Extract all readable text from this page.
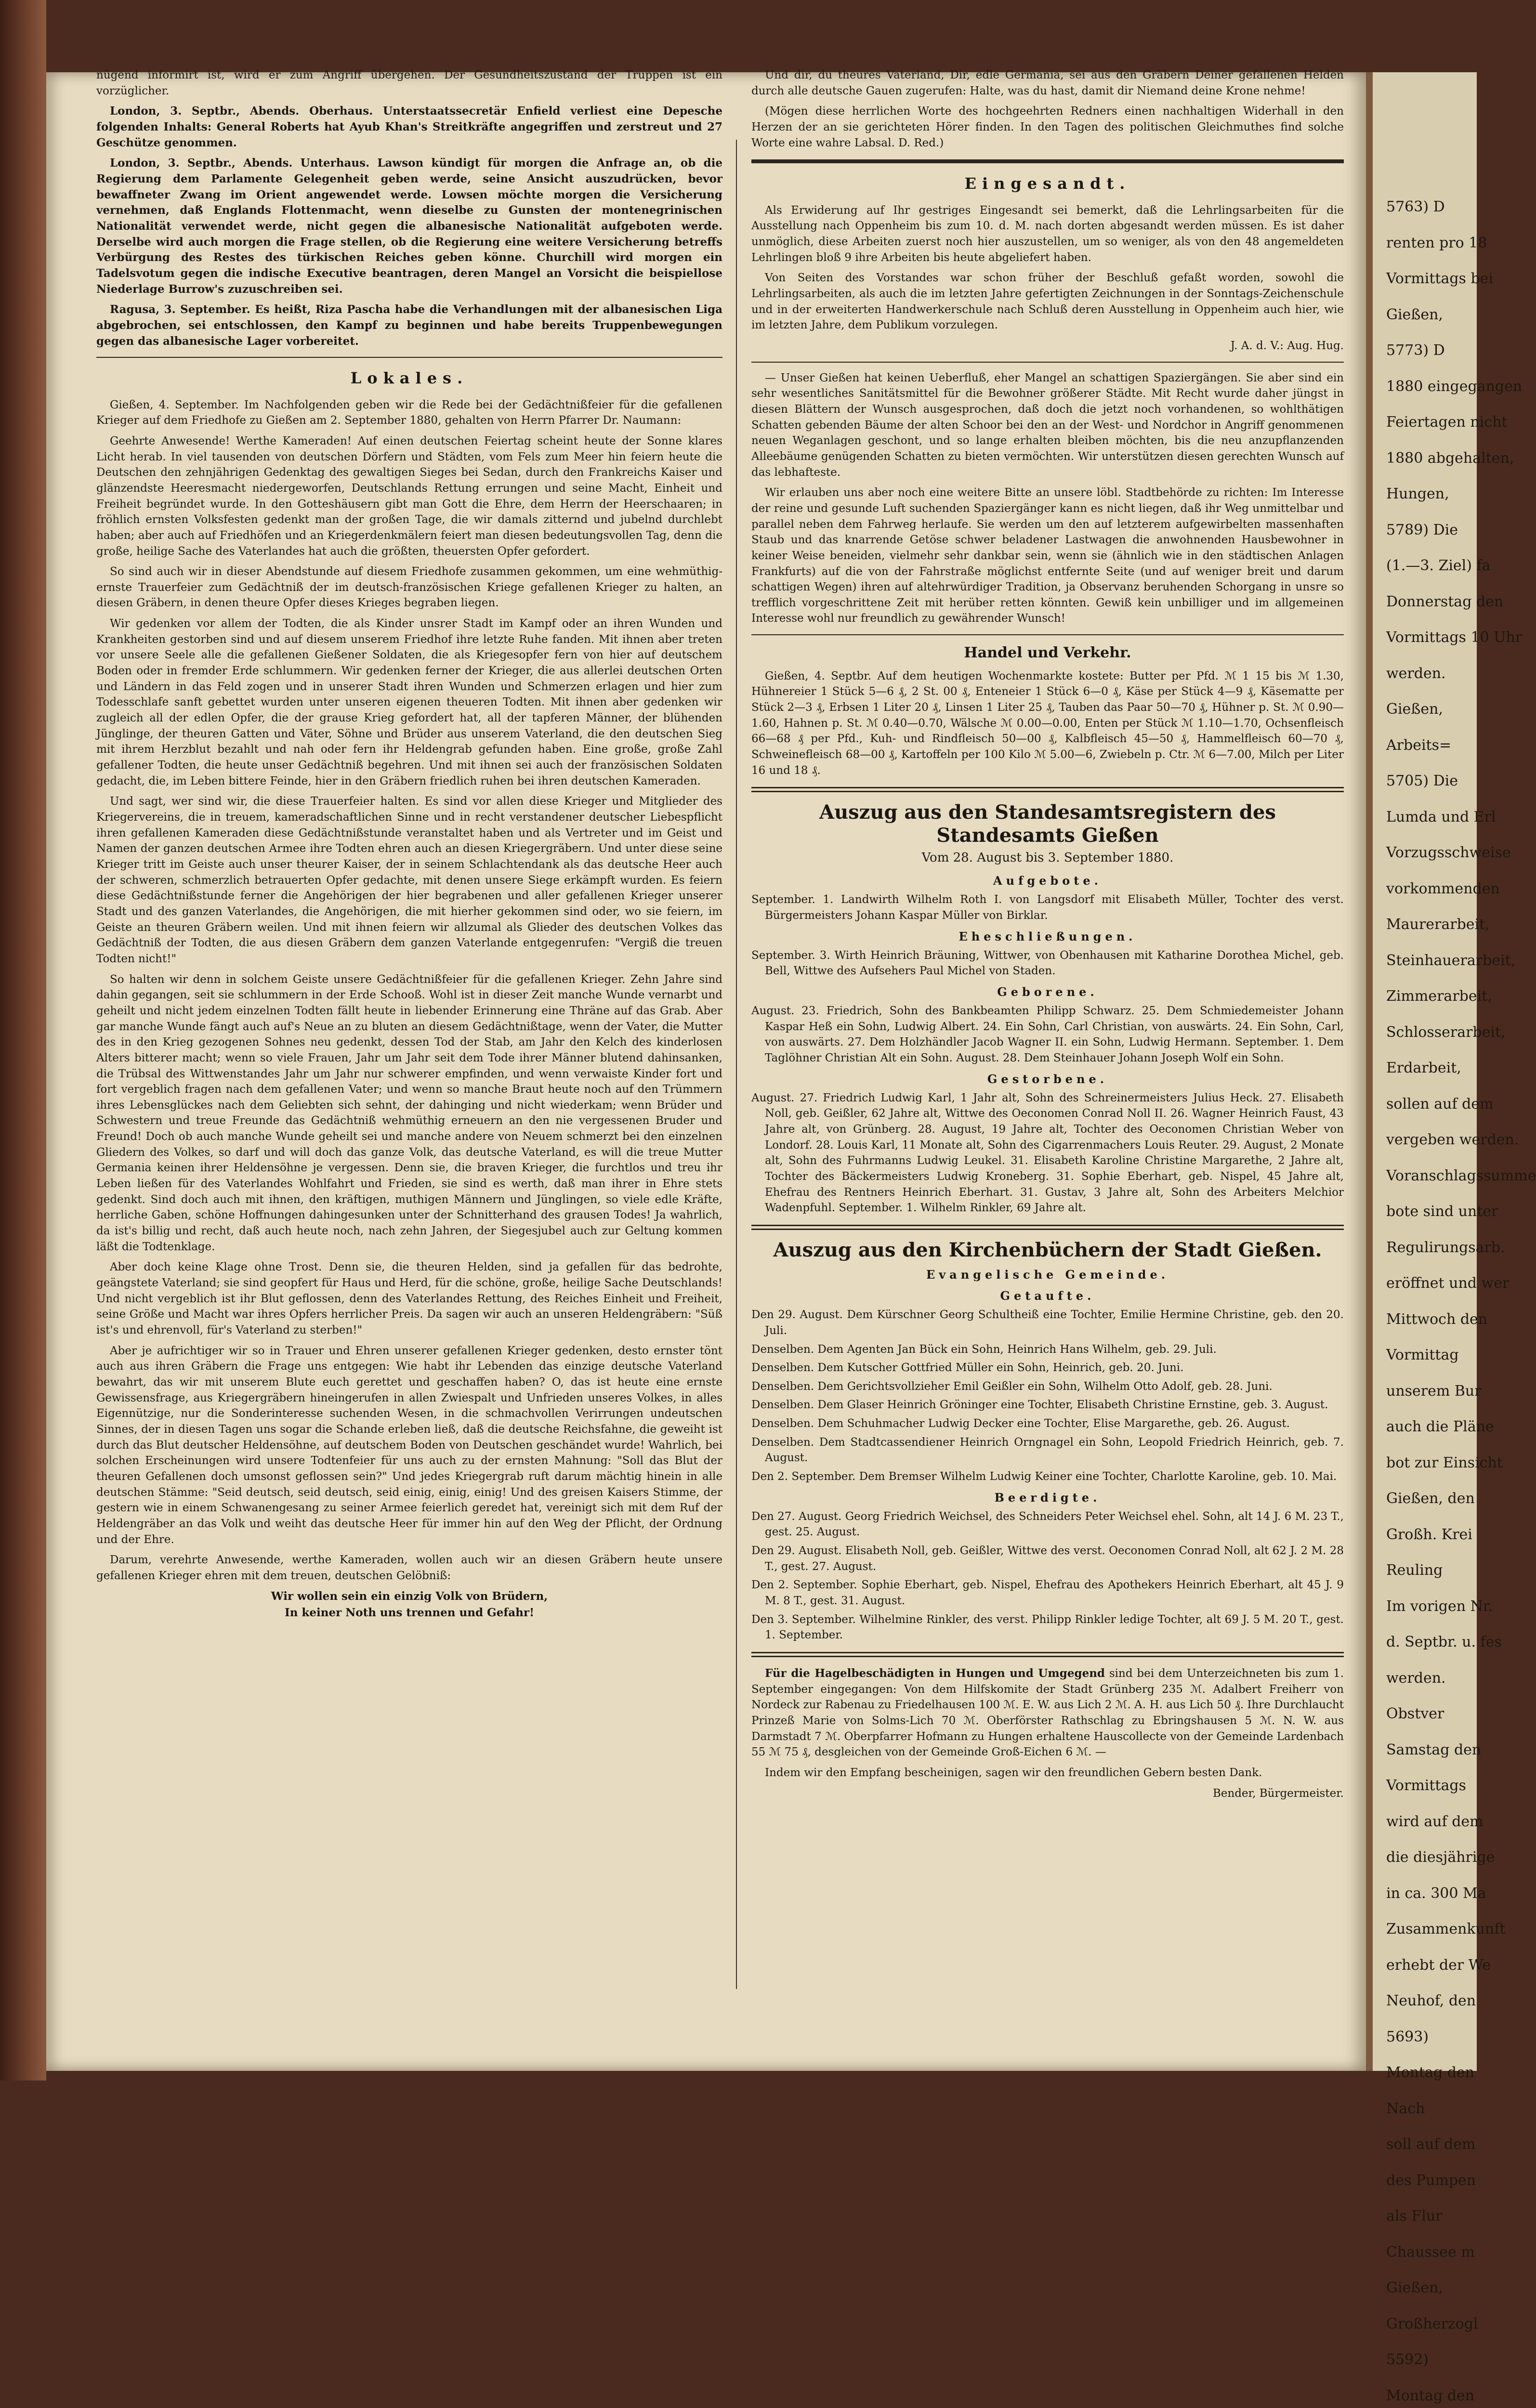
nügend informirt ist, wird er zum Angriff übergehen. Der Gesundheitszustand der Truppen ist ein vorzüglicher.

London, 3. Septbr., Abends. Oberhaus. Unterstaatssecretär Enfield verliest eine Depesche folgenden Inhalts: General Roberts hat Ayub Khan's Streitkräfte angegriffen und zerstreut und 27 Geschütze genommen.

London, 3. Septbr., Abends. Unterhaus. Lawson kündigt für morgen die Anfrage an, ob die Regierung dem Parlamente Gelegenheit geben werde, seine Ansicht auszudrücken, bevor bewaffneter Zwang im Orient angewendet werde. Lowsen möchte morgen die Versicherung vernehmen, daß Englands Flottenmacht, wenn dieselbe zu Gunsten der montenegrinischen Nationalität verwendet werde, nicht gegen die albanesische Nationalität aufgeboten werde. Derselbe wird auch morgen die Frage stellen, ob die Regierung eine weitere Versicherung betreffs Verbürgung des Restes des türkischen Reiches geben könne. Churchill wird morgen ein Tadelsvotum gegen die indische Executive beantragen, deren Mangel an Vorsicht die beispiellose Niederlage Burrow's zuzuschreiben sei.

Ragusa, 3. September. Es heißt, Riza Pascha habe die Verhandlungen mit der albanesischen Liga abgebrochen, sei entschlossen, den Kampf zu beginnen und habe bereits Truppenbewegungen gegen das albanesische Lager vorbereitet.

Lokales.

Gießen, 4. September. Im Nachfolgenden geben wir die Rede bei der Gedächtnißfeier für die gefallenen Krieger auf dem Friedhofe zu Gießen am 2. September 1880, gehalten von Herrn Pfarrer Dr. Naumann:

Geehrte Anwesende! Werthe Kameraden! Auf einen deutschen Feiertag scheint heute der Sonne klares Licht herab. In viel tausenden von deutschen Dörfern und Städten, vom Fels zum Meer hin feiern heute die Deutschen den zehnjährigen Gedenktag des gewaltigen Sieges bei Sedan, durch den Frankreichs Kaiser und glänzendste Heeresmacht niedergeworfen, Deutschlands Rettung errungen und seine Macht, Einheit und Freiheit begründet wurde. In den Gotteshäusern gibt man Gott die Ehre, dem Herrn der Heerschaaren; in fröhlich ernsten Volksfesten gedenkt man der großen Tage, die wir damals zitternd und jubelnd durchlebt haben; aber auch auf Friedhöfen und an Kriegerdenkmälern feiert man diesen bedeutungsvollen Tag, denn die große, heilige Sache des Vaterlandes hat auch die größten, theuersten Opfer gefordert.

So sind auch wir in dieser Abendstunde auf diesem Friedhofe zusammen gekommen, um eine wehmüthig-ernste Trauerfeier zum Gedächtniß der im deutsch-französischen Kriege gefallenen Krieger zu halten, an diesen Gräbern, in denen theure Opfer dieses Krieges begraben liegen.

Wir gedenken vor allem der Todten, die als Kinder unsrer Stadt im Kampf oder an ihren Wunden und Krankheiten gestorben sind und auf diesem unserem Friedhof ihre letzte Ruhe fanden. Mit ihnen aber treten vor unsere Seele alle die gefallenen Gießener Soldaten, die als Kriegesopfer fern von hier auf deutschem Boden oder in fremder Erde schlummern. Wir gedenken ferner der Krieger, die aus allerlei deutschen Orten und Ländern in das Feld zogen und in unserer Stadt ihren Wunden und Schmerzen erlagen und hier zum Todesschlafe sanft gebettet wurden unter unseren eigenen theueren Todten. Mit ihnen aber gedenken wir zugleich all der edlen Opfer, die der grause Krieg gefordert hat, all der tapferen Männer, der blühenden Jünglinge, der theuren Gatten und Väter, Söhne und Brüder aus unserem Vaterland, die den deutschen Sieg mit ihrem Herzblut bezahlt und nah oder fern ihr Heldengrab gefunden haben. Eine große, große Zahl gefallener Todten, die heute unser Gedächtniß begehren. Und mit ihnen sei auch der französischen Soldaten gedacht, die, im Leben bittere Feinde, hier in den Gräbern friedlich ruhen bei ihren deutschen Kameraden.

Und sagt, wer sind wir, die diese Trauerfeier halten. Es sind vor allen diese Krieger und Mitglieder des Kriegervereins, die in treuem, kameradschaftlichen Sinne und in recht verstandener deutscher Liebespflicht ihren gefallenen Kameraden diese Gedächtnißstunde veranstaltet haben und als Vertreter und im Geist und Namen der ganzen deutschen Armee ihre Todten ehren auch an diesen Kriegergräbern. Und unter diese seine Krieger tritt im Geiste auch unser theurer Kaiser, der in seinem Schlachtendank als das deutsche Heer auch der schweren, schmerzlich betrauerten Opfer gedachte, mit denen unsere Siege erkämpft wurden. Es feiern diese Gedächtnißstunde ferner die Angehörigen der hier begrabenen und aller gefallenen Krieger unserer Stadt und des ganzen Vaterlandes, die Angehörigen, die mit hierher gekommen sind oder, wo sie feiern, im Geiste an theuren Gräbern weilen. Und mit ihnen feiern wir allzumal als Glieder des deutschen Volkes das Gedächtniß der Todten, die aus diesen Gräbern dem ganzen Vaterlande entgegenrufen: "Vergiß die treuen Todten nicht!"

So halten wir denn in solchem Geiste unsere Gedächtnißfeier für die gefallenen Krieger. Zehn Jahre sind dahin gegangen, seit sie schlummern in der Erde Schooß. Wohl ist in dieser Zeit manche Wunde vernarbt und geheilt und nicht jedem einzelnen Todten fällt heute in liebender Erinnerung eine Thräne auf das Grab. Aber gar manche Wunde fängt auch auf's Neue an zu bluten an diesem Gedächtnißtage, wenn der Vater, die Mutter des in den Krieg gezogenen Sohnes neu gedenkt, dessen Tod der Stab, am Jahr den Kelch des kinderlosen Alters bitterer macht; wenn so viele Frauen, Jahr um Jahr seit dem Tode ihrer Männer blutend dahinsanken, die Trübsal des Wittwenstandes Jahr um Jahr nur schwerer empfinden, und wenn verwaiste Kinder fort und fort vergeblich fragen nach dem gefallenen Vater; und wenn so manche Braut heute noch auf den Trümmern ihres Lebensglückes nach dem Geliebten sich sehnt, der dahinging und nicht wiederkam; wenn Brüder und Schwestern und treue Freunde das Gedächtniß wehmüthig erneuern an den nie vergessenen Bruder und Freund! Doch ob auch manche Wunde geheilt sei und manche andere von Neuem schmerzt bei den einzelnen Gliedern des Volkes, so darf und will doch das ganze Volk, das deutsche Vaterland, es will die treue Mutter Germania keinen ihrer Heldensöhne je vergessen. Denn sie, die braven Krieger, die furchtlos und treu ihr Leben ließen für des Vaterlandes Wohlfahrt und Frieden, sie sind es werth, daß man ihrer in Ehre stets gedenkt. Sind doch auch mit ihnen, den kräftigen, muthigen Männern und Jünglingen, so viele edle Kräfte, herrliche Gaben, schöne Hoffnungen dahingesunken unter der Schnitterhand des grausen Todes! Ja wahrlich, da ist's billig und recht, daß auch heute noch, nach zehn Jahren, der Siegesjubel auch zur Geltung kommen läßt die Todtenklage.

Aber doch keine Klage ohne Trost. Denn sie, die theuren Helden, sind ja gefallen für das bedrohte, geängstete Vaterland; sie sind geopfert für Haus und Herd, für die schöne, große, heilige Sache Deutschlands! Und nicht vergeblich ist ihr Blut geflossen, denn des Vaterlandes Rettung, des Reiches Einheit und Freiheit, seine Größe und Macht war ihres Opfers herrlicher Preis. Da sagen wir auch an unseren Heldengräbern: "Süß ist's und ehrenvoll, für's Vaterland zu sterben!"

Aber je aufrichtiger wir so in Trauer und Ehren unserer gefallenen Krieger gedenken, desto ernster tönt auch aus ihren Gräbern die Frage uns entgegen: Wie habt ihr Lebenden das einzige deutsche Vaterland bewahrt, das wir mit unserem Blute euch gerettet und geschaffen haben? O, das ist heute eine ernste Gewissensfrage, aus Kriegergräbern hineingerufen in allen Zwiespalt und Unfrieden unseres Volkes, in alles Eigennützige, nur die Sonderinteresse suchenden Wesen, in die schmachvollen Verirrungen undeutschen Sinnes, der in diesen Tagen uns sogar die Schande erleben ließ, daß die deutsche Reichsfahne, die geweiht ist durch das Blut deutscher Heldensöhne, auf deutschem Boden von Deutschen geschändet wurde! Wahrlich, bei solchen Erscheinungen wird unsere Todtenfeier für uns auch zu der ernsten Mahnung: "Soll das Blut der theuren Gefallenen doch umsonst geflossen sein?" Und jedes Kriegergrab ruft darum mächtig hinein in alle deutschen Stämme: "Seid deutsch, seid deutsch, seid einig, einig, einig! Und des greisen Kaisers Stimme, der gestern wie in einem Schwanengesang zu seiner Armee feierlich geredet hat, vereinigt sich mit dem Ruf der Heldengräber an das Volk und weiht das deutsche Heer für immer hin auf den Weg der Pflicht, der Ordnung und der Ehre.

Darum, verehrte Anwesende, werthe Kameraden, wollen auch wir an diesen Gräbern heute unsere gefallenen Krieger ehren mit dem treuen, deutschen Gelöbniß:

Wir wollen sein ein einzig Volk von Brüdern,

In keiner Noth uns trennen und Gefahr!

Und dir, du theures Vaterland, Dir, edle Germania, sei aus den Gräbern Deiner gefallenen Helden durch alle deutsche Gauen zugerufen: Halte, was du hast, damit dir Niemand deine Krone nehme!

(Mögen diese herrlichen Worte des hochgeehrten Redners einen nachhaltigen Widerhall in den Herzen der an sie gerichteten Hörer finden. In den Tagen des politischen Gleichmuthes find solche Worte eine wahre Labsal. D. Red.)

Eingesandt.

Als Erwiderung auf Ihr gestriges Eingesandt sei bemerkt, daß die Lehrlingsarbeiten für die Ausstellung nach Oppenheim bis zum 10. d. M. nach dorten abgesandt werden müssen. Es ist daher unmöglich, diese Arbeiten zuerst noch hier auszustellen, um so weniger, als von den 48 angemeldeten Lehrlingen bloß 9 ihre Arbeiten bis heute abgeliefert haben.

Von Seiten des Vorstandes war schon früher der Beschluß gefaßt worden, sowohl die Lehrlingsarbeiten, als auch die im letzten Jahre gefertigten Zeichnungen in der Sonntags-Zeichenschule und in der erweiterten Handwerkerschule nach Schluß deren Ausstellung in Oppenheim auch hier, wie im letzten Jahre, dem Publikum vorzulegen.

J. A. d. V.: Aug. Hug.

— Unser Gießen hat keinen Ueberfluß, eher Mangel an schattigen Spaziergängen. Sie aber sind ein sehr wesentliches Sanitätsmittel für die Bewohner größerer Städte. Mit Recht wurde daher jüngst in diesen Blättern der Wunsch ausgesprochen, daß doch die jetzt noch vorhandenen, so wohlthätigen Schatten gebenden Bäume der alten Schoor bei den an der West- und Nordchor in Angriff genommenen neuen Weganlagen geschont, und so lange erhalten bleiben möchten, bis die neu anzupflanzenden Alleebäume genügenden Schatten zu bieten vermöchten. Wir unterstützen diesen gerechten Wunsch auf das lebhafteste.

Wir erlauben uns aber noch eine weitere Bitte an unsere löbl. Stadtbehörde zu richten: Im Interesse der reine und gesunde Luft suchenden Spaziergänger kann es nicht liegen, daß ihr Weg unmittelbar und parallel neben dem Fahrweg herlaufe. Sie werden um den auf letzterem aufgewirbelten massenhaften Staub und das knarrende Getöse schwer beladener Lastwagen die anwohnenden Hausbewohner in keiner Weise beneiden, vielmehr sehr dankbar sein, wenn sie (ähnlich wie in den städtischen Anlagen Frankfurts) auf die von der Fahrstraße möglichst entfernte Seite (und auf weniger breit und darum schattigen Wegen) ihren auf altehrwürdiger Tradition, ja Observanz beruhenden Schorgang in unsre so trefflich vorgeschrittene Zeit mit herüber retten könnten. Gewiß kein unbilliger und im allgemeinen Interesse wohl nur freundlich zu gewährender Wunsch!

Handel und Verkehr.

Gießen, 4. Septbr. Auf dem heutigen Wochenmarkte kostete: Butter per Pfd. ℳ 1 15 bis ℳ 1.30, Hühnereier 1 Stück 5—6 ₰, 2 St. 00 ₰, Enteneier 1 Stück 6—0 ₰, Käse per Stück 4—9 ₰, Käsematte per Stück 2—3 ₰, Erbsen 1 Liter 20 ₰, Linsen 1 Liter 25 ₰, Tauben das Paar 50—70 ₰, Hühner p. St. ℳ 0.90—1.60, Hahnen p. St. ℳ 0.40—0.70, Wälsche ℳ 0.00—0.00, Enten per Stück ℳ 1.10—1.70, Ochsenfleisch 66—68 ₰ per Pfd., Kuh- und Rindfleisch 50—00 ₰, Kalbfleisch 45—50 ₰, Hammelfleisch 60—70 ₰, Schweinefleisch 68—00 ₰, Kartoffeln per 100 Kilo ℳ 5.00—6, Zwiebeln p. Ctr. ℳ 6—7.00, Milch per Liter 16 und 18 ₰.

Auszug aus den Standesamtsregistern des Standesamts Gießen
Vom 28. August bis 3. September 1880.
Aufgebote.

September. 1. Landwirth Wilhelm Roth I. von Langsdorf mit Elisabeth Müller, Tochter des verst. Bürgermeisters Johann Kaspar Müller von Birklar.

Eheschließungen.

September. 3. Wirth Heinrich Bräuning, Wittwer, von Obenhausen mit Katharine Dorothea Michel, geb. Bell, Wittwe des Aufsehers Paul Michel von Staden.

Geborene.

August. 23. Friedrich, Sohn des Bankbeamten Philipp Schwarz. 25. Dem Schmiedemeister Johann Kaspar Heß ein Sohn, Ludwig Albert. 24. Ein Sohn, Carl Christian, von auswärts. 24. Ein Sohn, Carl, von auswärts. 27. Dem Holzhändler Jacob Wagner II. ein Sohn, Ludwig Hermann. September. 1. Dem Taglöhner Christian Alt ein Sohn. August. 28. Dem Steinhauer Johann Joseph Wolf ein Sohn.

Gestorbene.

August. 27. Friedrich Ludwig Karl, 1 Jahr alt, Sohn des Schreinermeisters Julius Heck. 27. Elisabeth Noll, geb. Geißler, 62 Jahre alt, Wittwe des Oeconomen Conrad Noll II. 26. Wagner Heinrich Faust, 43 Jahre alt, von Grünberg. 28. August, 19 Jahre alt, Tochter des Oeconomen Christian Weber von Londorf. 28. Louis Karl, 11 Monate alt, Sohn des Cigarrenmachers Louis Reuter. 29. August, 2 Monate alt, Sohn des Fuhrmanns Ludwig Leukel. 31. Elisabeth Karoline Christine Margarethe, 2 Jahre alt, Tochter des Bäckermeisters Ludwig Kroneberg. 31. Sophie Eberhart, geb. Nispel, 45 Jahre alt, Ehefrau des Rentners Heinrich Eberhart. 31. Gustav, 3 Jahre alt, Sohn des Arbeiters Melchior Wadenpfuhl. September. 1. Wilhelm Rinkler, 69 Jahre alt.

Auszug aus den Kirchenbüchern der Stadt Gießen.
Evangelische Gemeinde.
Getaufte.

Den 29. August. Dem Kürschner Georg Schultheiß eine Tochter, Emilie Hermine Christine, geb. den 20. Juli.

Denselben. Dem Agenten Jan Bück ein Sohn, Heinrich Hans Wilhelm, geb. 29. Juli.

Denselben. Dem Kutscher Gottfried Müller ein Sohn, Heinrich, geb. 20. Juni.

Denselben. Dem Gerichtsvollzieher Emil Geißler ein Sohn, Wilhelm Otto Adolf, geb. 28. Juni.

Denselben. Dem Glaser Heinrich Gröninger eine Tochter, Elisabeth Christine Ernstine, geb. 3. August.

Denselben. Dem Schuhmacher Ludwig Decker eine Tochter, Elise Margarethe, geb. 26. August.

Denselben. Dem Stadtcassendiener Heinrich Orngnagel ein Sohn, Leopold Friedrich Heinrich, geb. 7. August.

Den 2. September. Dem Bremser Wilhelm Ludwig Keiner eine Tochter, Charlotte Karoline, geb. 10. Mai.

Beerdigte.

Den 27. August. Georg Friedrich Weichsel, des Schneiders Peter Weichsel ehel. Sohn, alt 14 J. 6 M. 23 T., gest. 25. August.

Den 29. August. Elisabeth Noll, geb. Geißler, Wittwe des verst. Oeconomen Conrad Noll, alt 62 J. 2 M. 28 T., gest. 27. August.

Den 2. September. Sophie Eberhart, geb. Nispel, Ehefrau des Apothekers Heinrich Eberhart, alt 45 J. 9 M. 8 T., gest. 31. August.

Den 3. September. Wilhelmine Rinkler, des verst. Philipp Rinkler ledige Tochter, alt 69 J. 5 M. 20 T., gest. 1. September.

Für die Hagelbeschädigten in Hungen und Umgegend sind bei dem Unterzeichneten bis zum 1. September eingegangen: Von dem Hilfskomite der Stadt Grünberg 235 ℳ. Adalbert Freiherr von Nordeck zur Rabenau zu Friedelhausen 100 ℳ. E. W. aus Lich 2 ℳ. A. H. aus Lich 50 ₰. Ihre Durchlaucht Prinzeß Marie von Solms-Lich 70 ℳ. Oberförster Rathschlag zu Ebringshausen 5 ℳ. N. W. aus Darmstadt 7 ℳ. Oberpfarrer Hofmann zu Hungen erhaltene Hauscollecte von der Gemeinde Lardenbach 55 ℳ 75 ₰, desgleichen von der Gemeinde Groß-Eichen 6 ℳ. —

Indem wir den Empfang bescheinigen, sagen wir den freundlichen Gebern besten Dank.

Bender, Bürgermeister.
5763) D
renten pro 18
Vormittags bei
Gießen,
5773) D
1880 eingegangen
Feiertagen nicht
1880 abgehalten,
Hungen,
5789) Die
(1.—3. Ziel) fa
Donnerstag den
Vormittags 10 Uhr
werden.
Gießen,
Arbeits=
5705) Die
Lumda und Erl
Vorzugsschweise
vorkommenden
Maurerarbeit,
Steinhauerarbeit,
Zimmerarbeit,
Schlosserarbeit,
Erdarbeit,
sollen auf dem
vergeben werden.
Voranschlagssumme
bote sind unter
Regulirungsarb.
eröffnet und wer
Mittwoch den
Vormittag
unserem Bur
auch die Pläne
bot zur Einsicht
Gießen, den
Großh. Krei
Reuling
Im vorigen Nr.
d. Septbr. u. fes
werden.
Obstver
Samstag den
Vormittags
wird auf dem
die diesjährige
in ca. 300 Ma
Zusammenkunft
erhebt der We
Neuhof, den
5693)
Montag den
Nach
soll auf dem
des Pumpen
als Flur
Chaussee m
Gießen,
Großherzogl
5592)
Montag den
